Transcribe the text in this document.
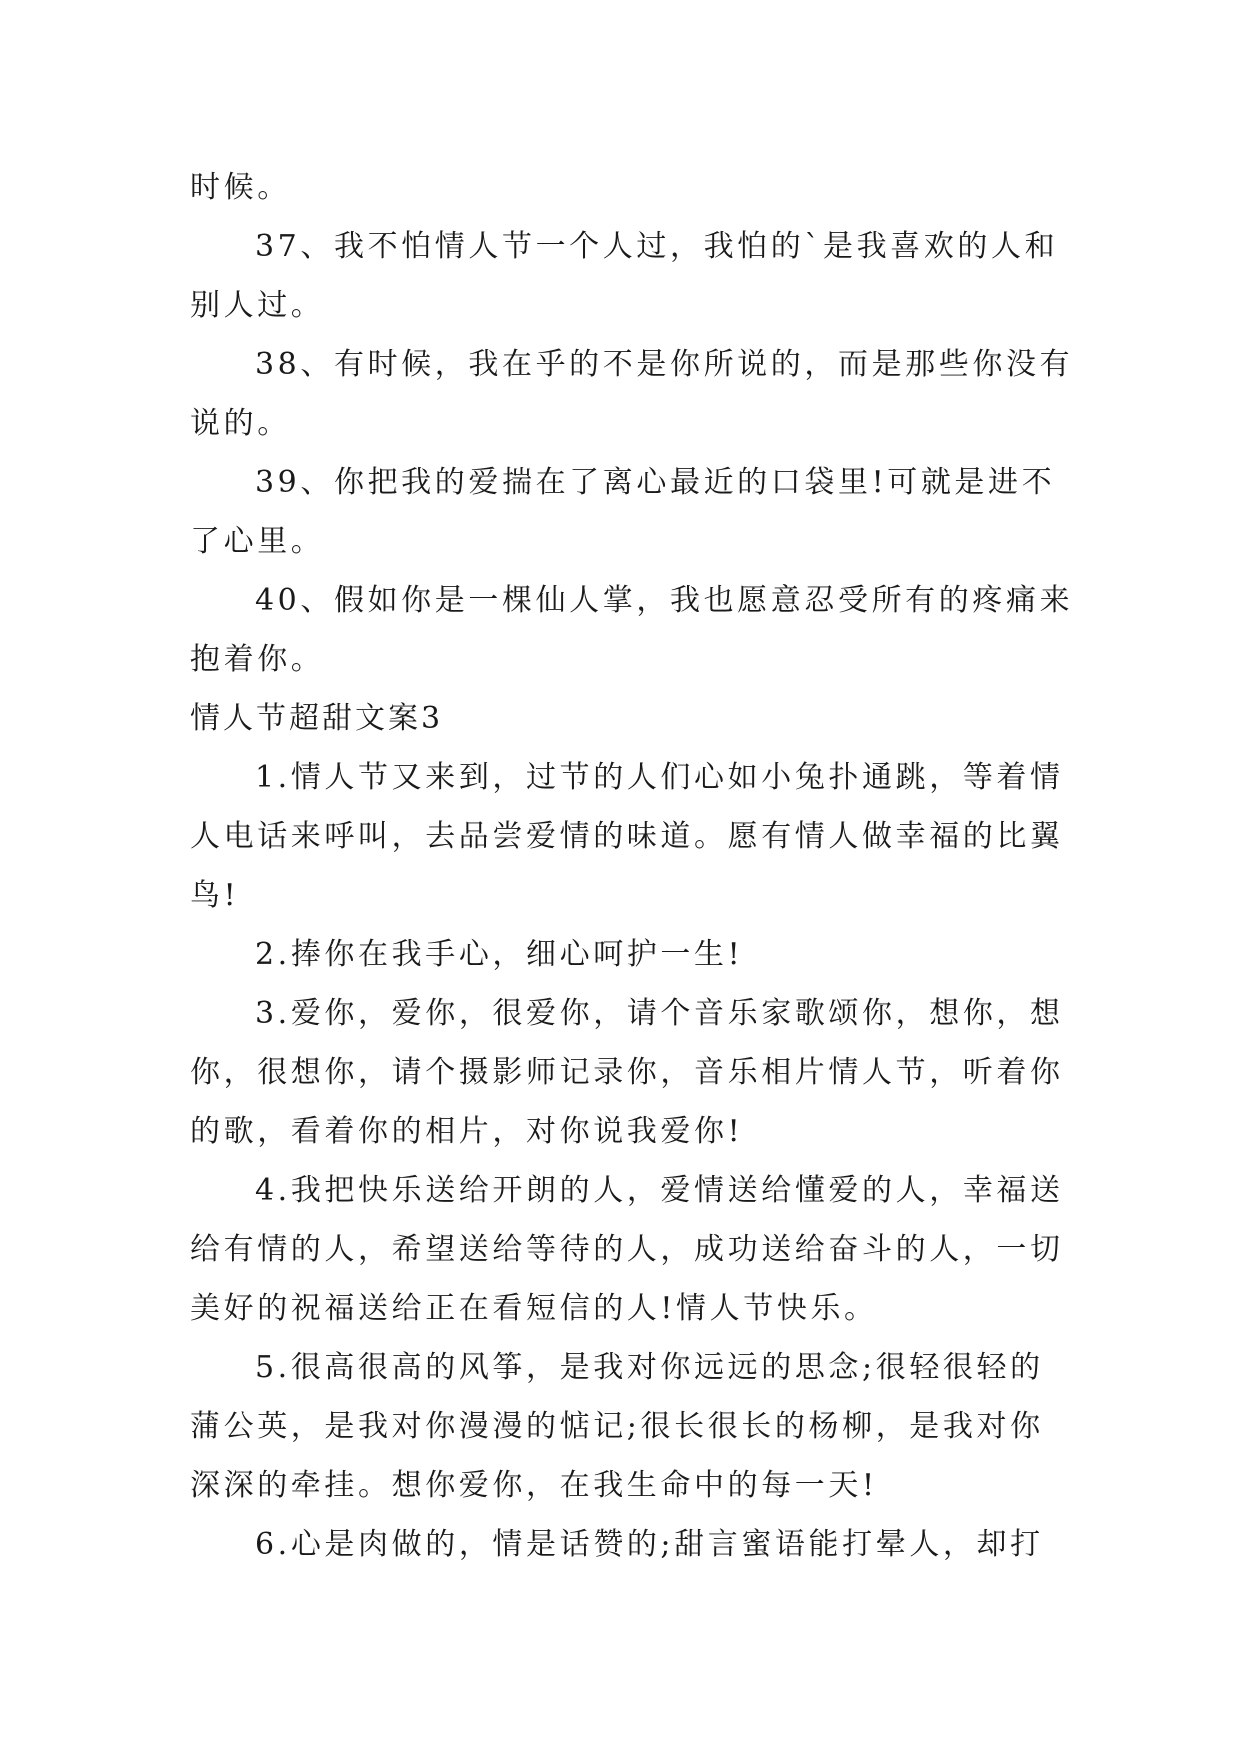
时候。
37、我不怕情人节一个人过，我怕的`是我喜欢的人和
别人过。
38、有时候，我在乎的不是你所说的，而是那些你没有
说的。
39、你把我的爱揣在了离心最近的口袋里!可就是进不
了心里。
40、假如你是一棵仙人掌，我也愿意忍受所有的疼痛来
抱着你。
情人节超甜文案3
1.情人节又来到，过节的人们心如小兔扑通跳，等着情
人电话来呼叫，去品尝爱情的味道。愿有情人做幸福的比翼
鸟!
2.捧你在我手心，细心呵护一生!
3.爱你，爱你，很爱你，请个音乐家歌颂你，想你，想
你，很想你，请个摄影师记录你，音乐相片情人节，听着你
的歌，看着你的相片，对你说我爱你!
4.我把快乐送给开朗的人，爱情送给懂爱的人，幸福送
给有情的人，希望送给等待的人，成功送给奋斗的人，一切
美好的祝福送给正在看短信的人!情人节快乐。
5.很高很高的风筝，是我对你远远的思念;很轻很轻的
蒲公英，是我对你漫漫的惦记;很长很长的杨柳，是我对你
深深的牵挂。想你爱你，在我生命中的每一天!
6.心是肉做的，情是话赞的;甜言蜜语能打晕人，却打
